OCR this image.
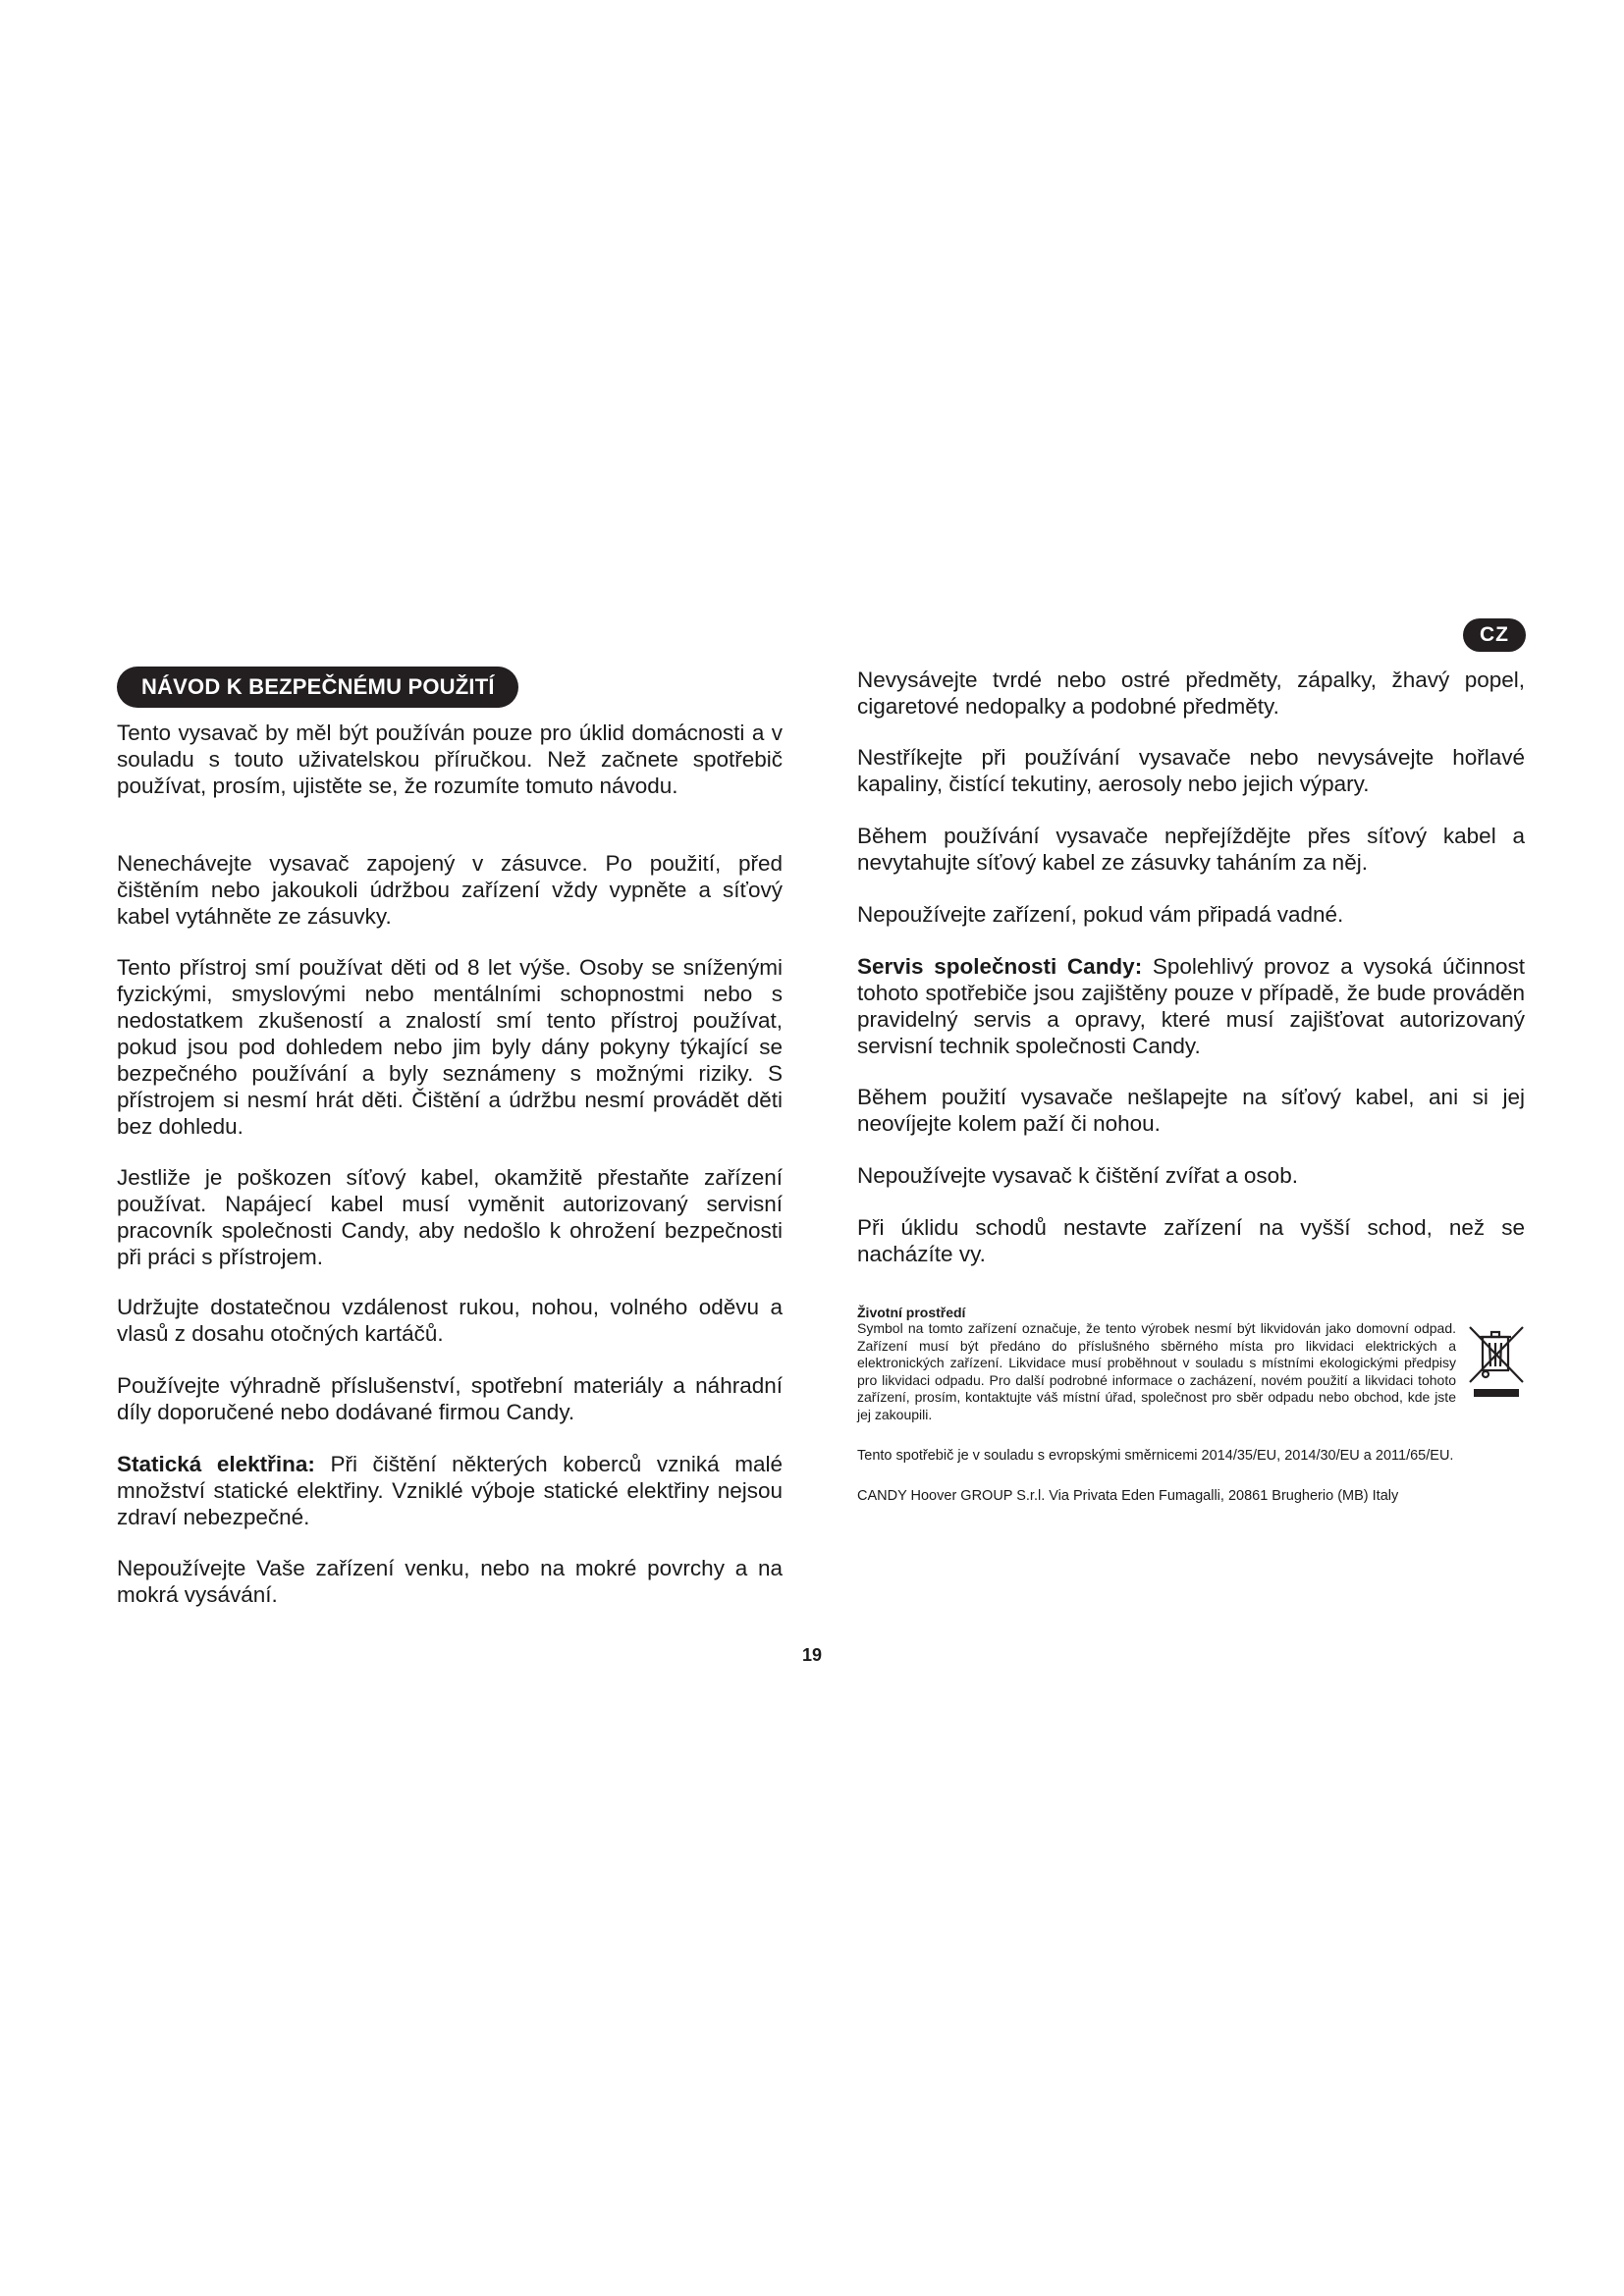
CZ
NÁVOD K BEZPEČNÉMU POUŽITÍ

Tento vysavač by měl být používán pouze pro úklid domácnosti a v souladu s touto uživatelskou příručkou. Než začnete spotřebič používat, prosím, ujistěte se, že rozumíte tomuto návodu.

Nenechávejte vysavač zapojený v zásuvce. Po použití, před čištěním nebo jakoukoli údržbou zařízení vždy vypněte a síťový kabel vytáhněte ze zásuvky.

Tento přístroj smí používat děti od 8 let výše. Osoby se sníženými fyzickými, smyslovými nebo mentálními schopnostmi nebo s nedostatkem zkušeností a znalostí smí tento přístroj používat, pokud jsou pod dohledem nebo jim byly dány pokyny týkající se bezpečného používání a byly seznámeny s možnými riziky. S přístrojem si nesmí hrát děti. Čištění a údržbu nesmí provádět děti bez dohledu.

Jestliže je poškozen síťový kabel, okamžitě přestaňte zařízení používat. Napájecí kabel musí vyměnit autorizovaný servisní pracovník společnosti Candy, aby nedošlo k ohrožení bezpečnosti při práci s přístrojem.

Udržujte dostatečnou vzdálenost rukou, nohou, volného oděvu a vlasů z dosahu otočných kartáčů.

Používejte výhradně příslušenství, spotřební materiály a náhradní díly doporučené nebo dodávané firmou Candy.

Statická elektřina: Při čištění některých koberců vzniká malé množství statické elektřiny. Vzniklé výboje statické elektřiny nejsou zdraví nebezpečné.

Nepoužívejte Vaše zařízení venku, nebo na mokré povrchy a na mokrá vysávání.

Nevysávejte tvrdé nebo ostré předměty, zápalky, žhavý popel, cigaretové nedopalky a podobné předměty.

Nestříkejte při používání vysavače nebo nevysávejte hořlavé kapaliny, čistící tekutiny, aerosoly nebo jejich výpary.

Během používání vysavače nepřejíždějte přes síťový kabel a nevytahujte síťový kabel ze zásuvky taháním za něj.

Nepoužívejte zařízení, pokud vám připadá vadné.

Servis společnosti Candy: Spolehlivý provoz a vysoká účinnost tohoto spotřebiče jsou zajištěny pouze v případě, že bude prováděn pravidelný servis a opravy, které musí zajišťovat autorizovaný servisní technik společnosti Candy.

Během použití vysavače nešlapejte na síťový kabel, ani si jej neovíjejte kolem paží či nohou.

Nepoužívejte vysavač k čištění zvířat a osob.

Při úklidu schodů nestavte zařízení na vyšší schod, než se nacházíte vy.

Životní prostředí

Symbol na tomto zařízení označuje, že tento výrobek nesmí být likvidován jako domovní odpad. Zařízení musí být předáno do příslušného sběrného místa pro likvidaci elektrických a elektronických zařízení. Likvidace musí proběhnout v souladu s místními ekologickými předpisy pro likvidaci odpadu. Pro další podrobné informace o zacházení, novém použití a likvidaci tohoto zařízení, prosím, kontaktujte váš místní úřad, společnost pro sběr odpadu nebo obchod, kde jste jej zakoupili.

Tento spotřebič je v souladu s evropskými směrnicemi 2014/35/EU, 2014/30/EU a 2011/65/EU.

CANDY Hoover GROUP S.r.l. Via Privata Eden Fumagalli, 20861 Brugherio (MB) Italy

19
